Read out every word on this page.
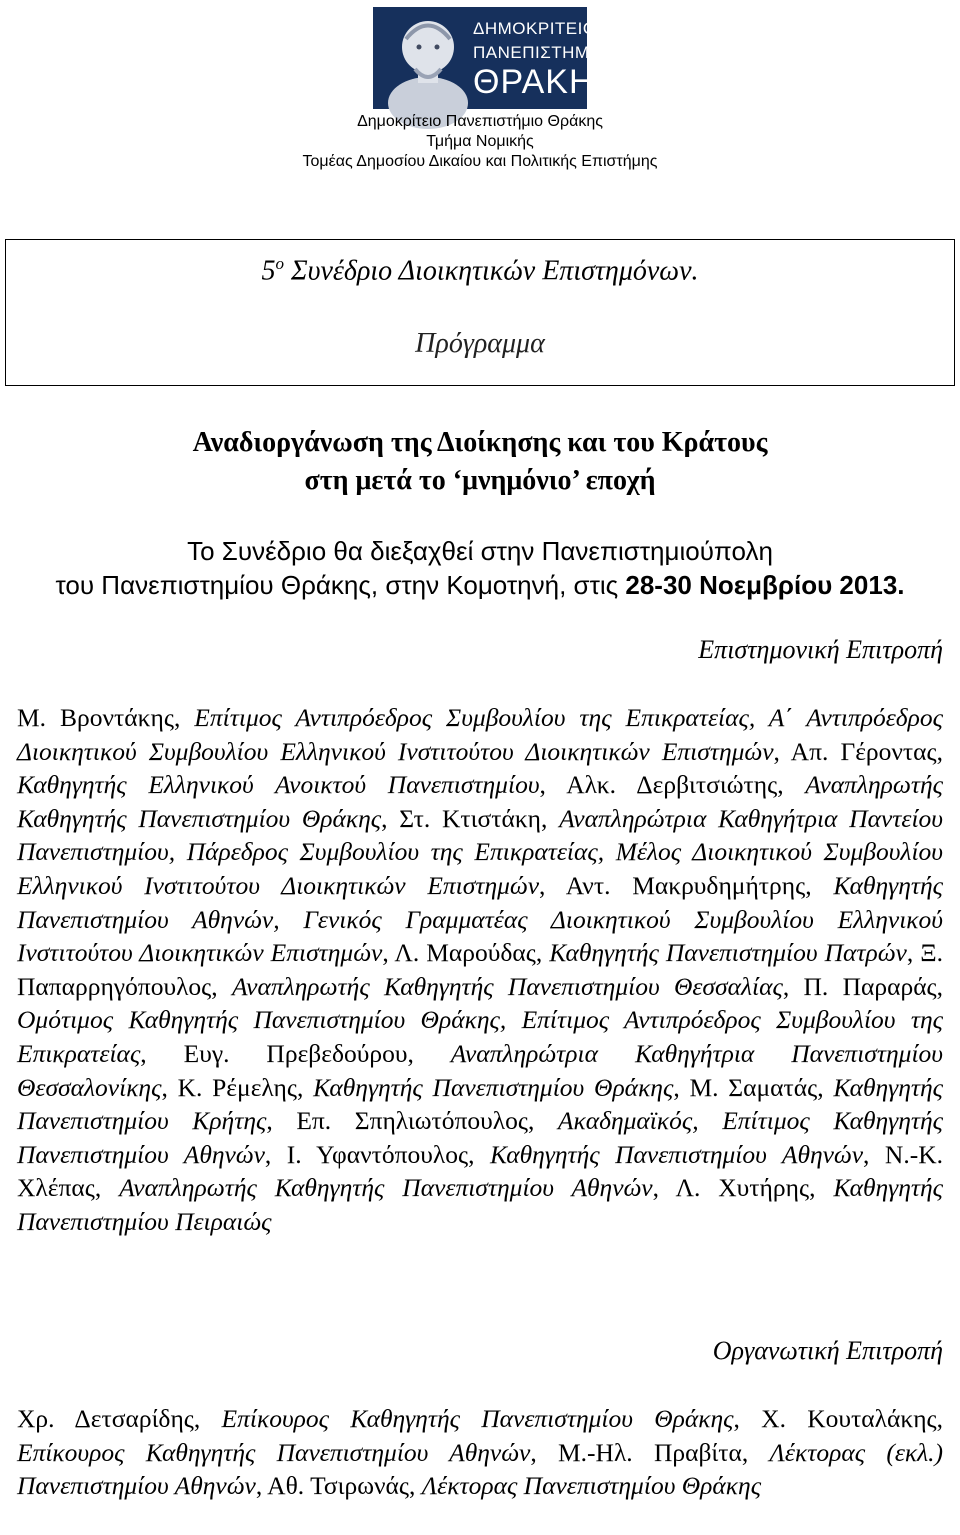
ΔΗΜΟΚΡΙΤΕΙΟ
ΠΑΝΕΠΙΣΤΗΜΙΟ
ΘΡΑΚΗΣ
Δημοκρίτειο Πανεπιστήμιο Θράκης
Τμήμα Νομικής
Τομέας Δημοσίου Δικαίου και Πολιτικής Επιστήμης
$5^o$ Συνέδριο Διοικητικών Επιστημόνων.
Πρόγραμμα
Αναδιοργάνωση της Διοίκησης και του Κράτους
στη μετά το ‘μνημόνιο’ εποχή
Το Συνέδριο θα διεξαχθεί στην Πανεπιστημιούπολη
του Πανεπιστημίου Θράκης, στην Κομοτηνή, στις 28-30 Νοεμβρίου 2013.
Επιστημονική Επιτροπή
Μ. Βροντάκης, Επίτιμος Αντιπρόεδρος Συμβουλίου της Επικρατείας, Α΄ Αντιπρόεδρος Διοικητικού Συμβουλίου Ελληνικού Ινστιτούτου Διοικητικών Επιστημών, Απ. Γέροντας, Καθηγητής Ελληνικού Ανοικτού Πανεπιστημίου, Αλκ. Δερβιτσιώτης, Αναπληρωτής Καθηγητής Πανεπιστημίου Θράκης, Στ. Κτιστάκη, Αναπληρώτρια Καθηγήτρια Παντείου Πανεπιστημίου, Πάρεδρος Συμβουλίου της Επικρατείας, Μέλος Διοικητικού Συμβουλίου Ελληνικού Ινστιτούτου Διοικητικών Επιστημών, Αντ. Μακρυδημήτρης, Καθηγητής Πανεπιστημίου Αθηνών, Γενικός Γραμματέας Διοικητικού Συμβουλίου Ελληνικού Ινστιτούτου Διοικητικών Επιστημών, Λ. Μαρούδας, Καθηγητής Πανεπιστημίου Πατρών, Ξ. Παπαρρηγόπουλος, Αναπληρωτής Καθηγητής Πανεπιστημίου Θεσσαλίας, Π. Παραράς, Ομότιμος Καθηγητής Πανεπιστημίου Θράκης, Επίτιμος Αντιπρόεδρος Συμβουλίου της Επικρατείας, Ευγ. Πρεβεδούρου, Αναπληρώτρια Καθηγήτρια Πανεπιστημίου Θεσσαλονίκης, Κ. Ρέμελης, Καθηγητής Πανεπιστημίου Θράκης, Μ. Σαματάς, Καθηγητής Πανεπιστημίου Κρήτης, Επ. Σπηλιωτόπουλος, Ακαδημαϊκός, Επίτιμος Καθηγητής Πανεπιστημίου Αθηνών, Ι. Υφαντόπουλος, Καθηγητής Πανεπιστημίου Αθηνών, Ν.-Κ. Χλέπας, Αναπληρωτής Καθηγητής Πανεπιστημίου Αθηνών, Λ. Χυτήρης, Καθηγητής Πανεπιστημίου Πειραιώς
Οργανωτική Επιτροπή
Χρ. Δετσαρίδης, Επίκουρος Καθηγητής Πανεπιστημίου Θράκης, Χ. Κουταλάκης, Επίκουρος Καθηγητής Πανεπιστημίου Αθηνών, Μ.-Ηλ. Πραβίτα, Λέκτορας (εκλ.) Πανεπιστημίου Αθηνών, Αθ. Τσιρωνάς, Λέκτορας Πανεπιστημίου Θράκης
